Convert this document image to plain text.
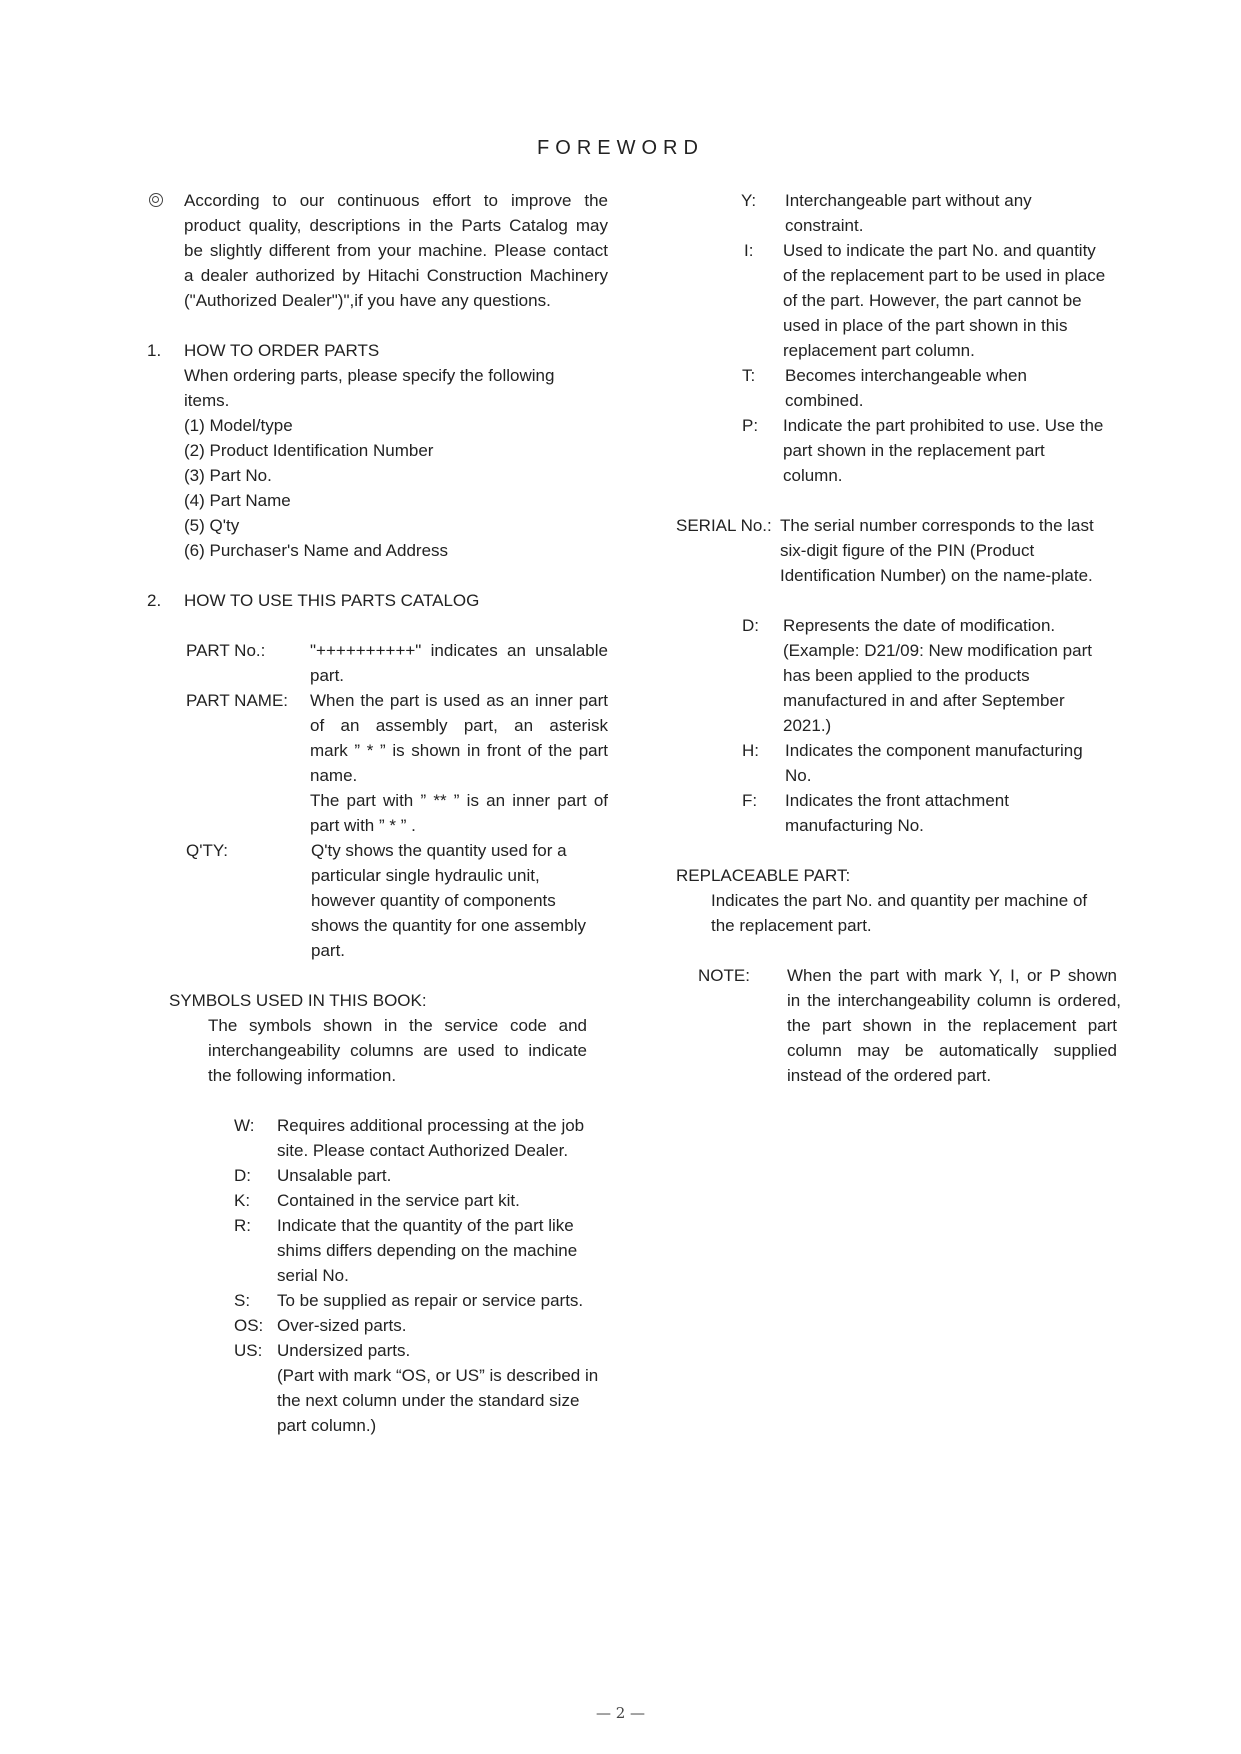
FOREWORD
According to our continuous effort to improve the
product quality, descriptions in the Parts Catalog may
be slightly different from your machine. Please contact
a dealer authorized by Hitachi Construction Machinery
("Authorized Dealer")",if you have any questions.
1. HOW TO ORDER PARTS
When ordering parts, please specify the following
items.
(1) Model/type
(2) Product Identification Number
(3) Part No.
(4) Part Name
(5) Q'ty
(6) Purchaser's Name and Address
2. HOW TO USE THIS PARTS CATALOG
PART No.:	"++++++++++" indicates an unsalable
part.
PART NAME: When the part is used as an inner part
of an assembly part, an asterisk
mark ” * ” is shown in front of the part
name.
The part with ” ** ” is an inner part of
part with ” * ” .
Q'TY:	Q'ty shows the quantity used for a
particular single hydraulic unit,
however quantity of components
shows the quantity for one assembly
part.
SYMBOLS USED IN THIS BOOK:
The symbols shown in the service code and
interchangeability columns are used to indicate
the following information.
W: Requires additional processing at the job
site. Please contact Authorized Dealer.
D: Unsalable part.
K: Contained in the service part kit.
R: Indicate that the quantity of the part like
shims differs depending on the machine
serial No.
S: To be supplied as repair or service parts.
OS: Over-sized parts.
US: Undersized parts.
(Part with mark “OS, or US” is described in
the next column under the standard size
part column.)
Y: Interchangeable part without any
constraint.
I: Used to indicate the part No. and quantity
of the replacement part to be used in place
of the part. However, the part cannot be
used in place of the part shown in this
replacement part column.
T: Becomes interchangeable when
combined.
P: Indicate the part prohibited to use. Use the
part shown in the replacement part
column.
SERIAL No.: The serial number corresponds to the last
six-digit figure of the PIN (Product
Identification Number) on the name-plate.
D: Represents the date of modification.
(Example: D21/09: New modification part
has been applied to the products
manufactured in and after September
2021.)
H: Indicates the component manufacturing
No.
F: Indicates the front attachment
manufacturing No.
REPLACEABLE PART:
Indicates the part No. and quantity per machine of
the replacement part.
NOTE: When the part with mark Y, I, or P shown
in the interchangeability column is ordered,
the part shown in the replacement part
column may be automatically supplied
instead of the ordered part.
— 2 —
